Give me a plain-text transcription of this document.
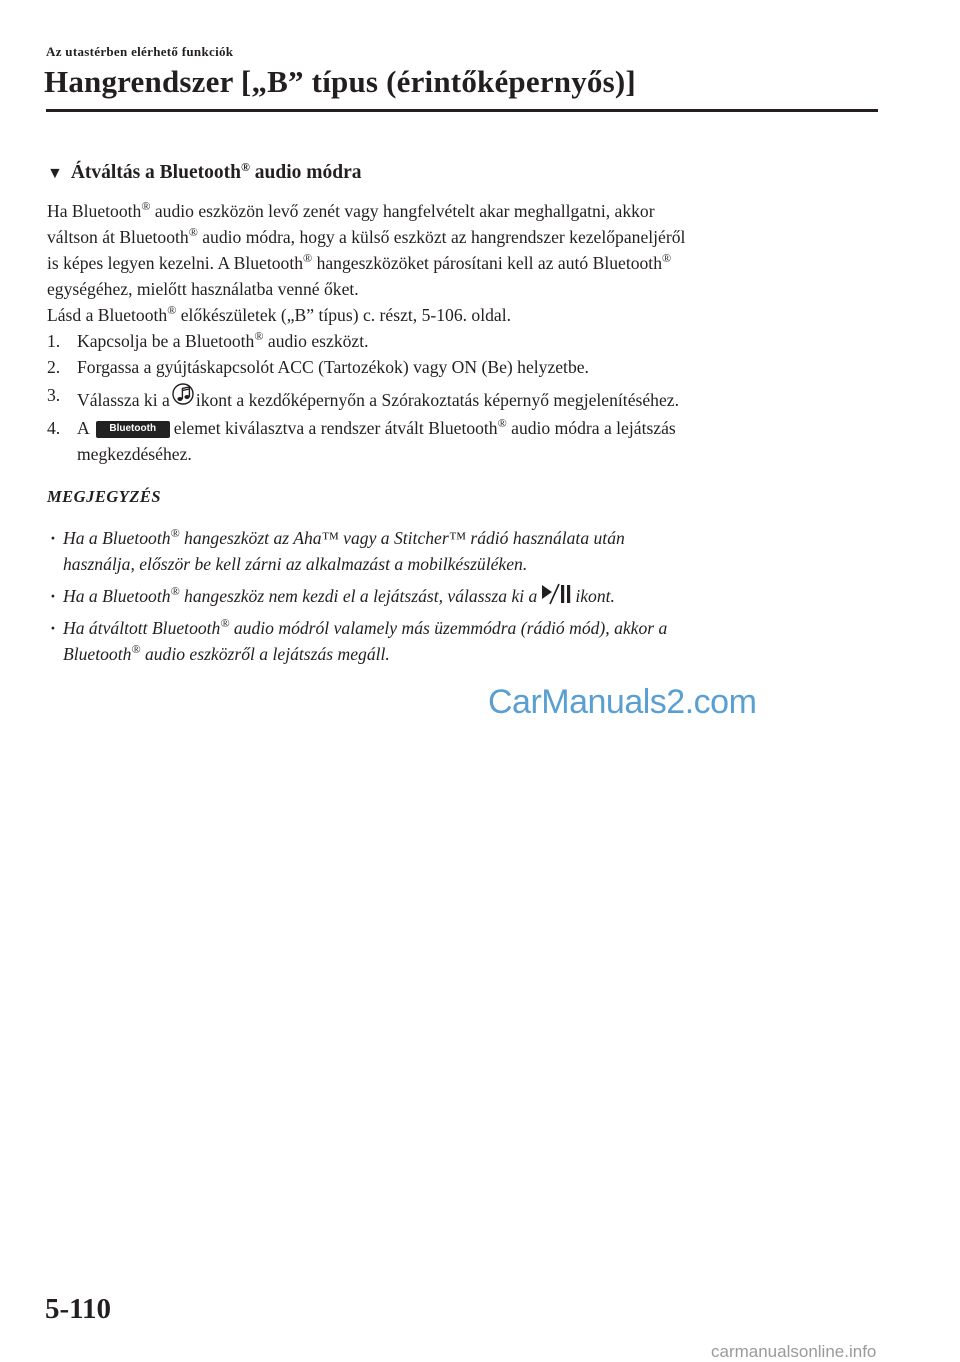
Az utastérben elérhető funkciók
Hangrendszer [„B” típus (érintőképernyős)]
▼ Átváltás a Bluetooth® audio módra
Ha Bluetooth® audio eszközön levő zenét vagy hangfelvételt akar meghallgatni, akkor
váltson át Bluetooth® audio módra, hogy a külső eszközt az hangrendszer kezelőpaneljéről
is képes legyen kezelni. A Bluetooth® hangeszközöket párosítani kell az autó Bluetooth®
egységéhez, mielőtt használatba venné őket.
Lásd a Bluetooth® előkészületek („B” típus) c. részt, 5-106. oldal.
1. Kapcsolja be a Bluetooth® audio eszközt.
2. Forgassa a gyújtáskapcsolót ACC (Tartozékok) vagy ON (Be) helyzetbe.
3. Válassza ki a ikont a kezdőképernyőn a Szórakoztatás képernyő megjelenítéséhez.
4. A Bluetooth elemet kiválasztva a rendszer átvált Bluetooth® audio módra a lejátszás
megkezdéséhez.
MEGJEGYZÉS
· Ha a Bluetooth® hangeszközt az Aha™ vagy a Stitcher™ rádió használata után
használja, először be kell zárni az alkalmazást a mobilkészüléken.
· Ha a Bluetooth® hangeszköz nem kezdi el a lejátszást, válassza ki a ikont.
· Ha átváltott Bluetooth® audio módról valamely más üzemmódra (rádió mód), akkor a
Bluetooth® audio eszközről a lejátszás megáll.
CarManuals2.com
5-110
carmanualsonline.info
